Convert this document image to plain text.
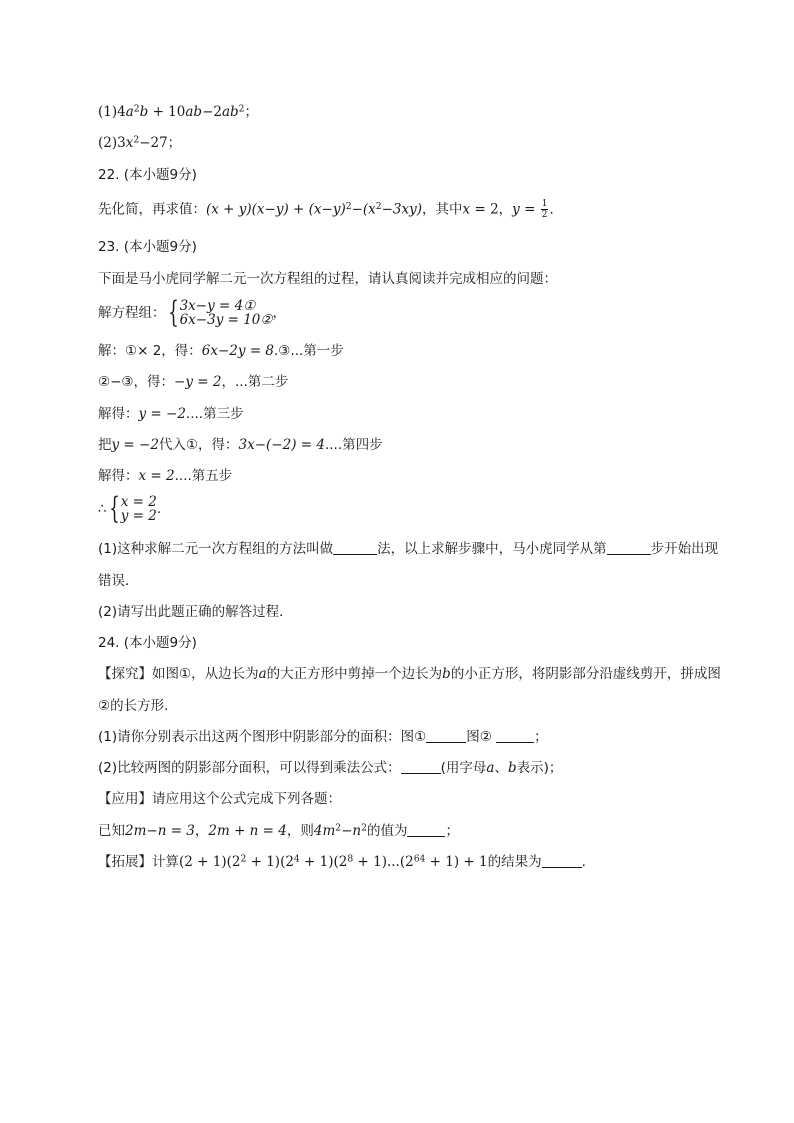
$(1)4a^2b + 10ab-2ab^2$；
$(2)3x^2-27$；
22. (本小题9分)
先化简，再求值：$(x + y)(x-y) + (x-y)^2-(x^2-3xy)$，其中x = 2，$y = \frac{1}{2}$ .
23. (本小题9分)
下面是马小虎同学解二元一次方程组的过程，请认真阅读并完成相应的问题：
解方程组： { 3x−y = 4①
6x−3y = 10② ，
解：①× 2，得：6x−2y = 8.③...第一步
②−③，得：−y = 2，...第二步
解得：y = −2....第三步
把y = −2代入①，得：3x−(−2) = 4....第四步
解得：x = 2....第五步
∴ { x = 2
y = 2 .
(1)这种求解二元一次方程组的方法叫做	法，以上求解步骤中，马小虎同学从第	步开始出现
错误．
(2)请写出此题正确的解答过程．
24. (本小题9分)
【探究】如图①，从边长为a的大正方形中剪掉一个边长为b的小正方形，将阴影部分沿虚线剪开，拼成图
②的长方形．
(1)请你分别表示出这两个图形中阴影部分的面积：图①	图②	；
(2)比较两图的阴影部分面积，可以得到乘法公式：	(用字母a、b表示)；
【应用】请应用这个公式完成下列各题：
已知2m−n = 3，2m + n = 4，则$4m^2-n^2$的值为	；
【拓展】计算$(2 + 1)(2^2 + 1)(2^4 + 1)(2^8 + 1)...(2^{64} + 1) + 1$的结果为	.
